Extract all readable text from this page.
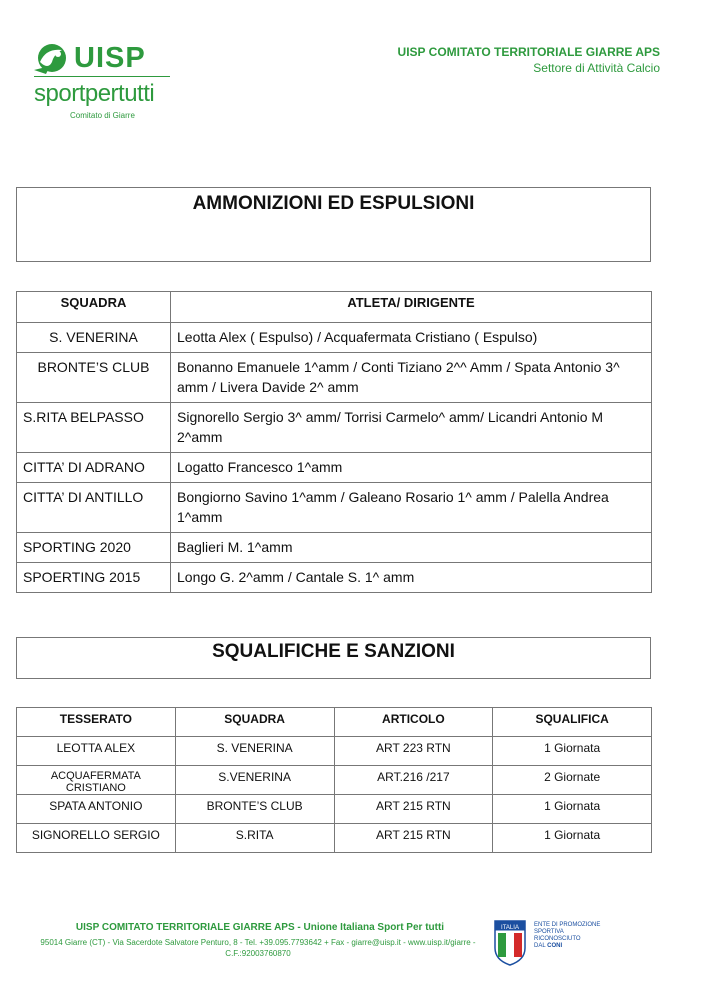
UISP
sportpertutti
Comitato di Giarre
UISP COMITATO TERRITORIALE GIARRE APS
Settore di Attività Calcio
AMMONIZIONI ED ESPULSIONI
SQUADRA	ATLETA/ DIRIGENTE
S. VENERINA	Leotta Alex ( Espulso) / Acquafermata Cristiano ( Espulso)
BRONTE’S CLUB	Bonanno Emanuele 1^amm / Conti Tiziano 2^^ Amm / Spata Antonio 3^ amm / Livera Davide 2^ amm
S.RITA BELPASSO	Signorello Sergio 3^ amm/ Torrisi Carmelo^ amm/ Licandri Antonio M 2^amm
CITTA’ DI ADRANO	Logatto Francesco 1^amm
CITTA’ DI ANTILLO	Bongiorno Savino 1^amm / Galeano Rosario 1^ amm / Palella Andrea 1^amm
SPORTING 2020	Baglieri M. 1^amm
SPOERTING 2015	Longo G. 2^amm / Cantale S. 1^ amm
SQUALIFICHE E SANZIONI
TESSERATO	SQUADRA	ARTICOLO	SQUALIFICA
LEOTTA ALEX	S. VENERINA	ART 223 RTN	1 Giornata
ACQUAFERMATA CRISTIANO	S.VENERINA	ART.216 /217	2 Giornate
SPATA ANTONIO	BRONTE’S CLUB	ART 215 RTN	1 Giornata
SIGNORELLO SERGIO	S.RITA	ART 215 RTN	1 Giornata
UISP COMITATO TERRITORIALE GIARRE APS - Unione Italiana Sport Per tutti
95014 Giarre (CT) - Via Sacerdote Salvatore Penturo, 8 - Tel. +39.095.7793642 + Fax - giarre@uisp.it - www.uisp.it/giarre - C.F.:92003760870
ITALIA	ENTE DI PROMOZIONE
SPORTIVA
RICONOSCIUTO
DAL CONI
